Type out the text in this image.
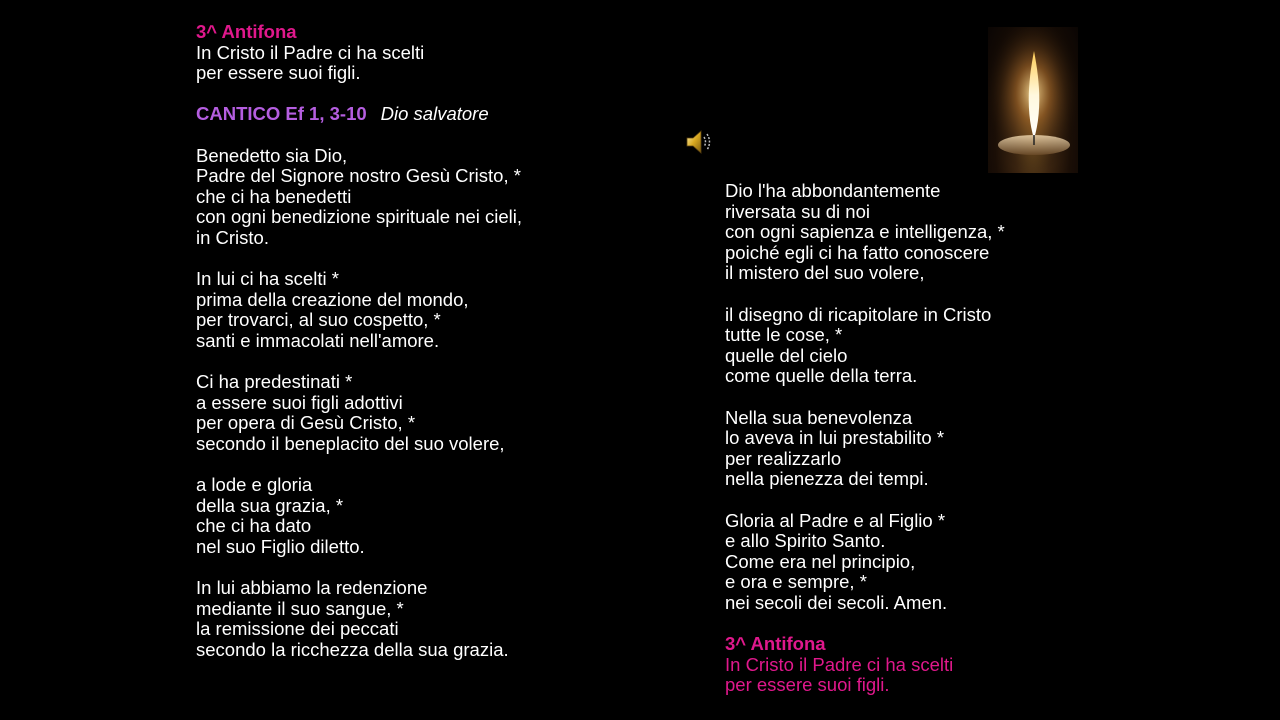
3^ Antifona
In Cristo il Padre ci ha scelti
per essere suoi figli.
CANTICO Ef 1, 3-10 Dio salvatore
Benedetto sia Dio,
Padre del Signore nostro Gesù Cristo, *
che ci ha benedetti
con ogni benedizione spirituale nei cieli,
in Cristo.
In lui ci ha scelti *
prima della creazione del mondo,
per trovarci, al suo cospetto, *
santi e immacolati nell'amore.
Ci ha predestinati *
a essere suoi figli adottivi
per opera di Gesù Cristo, *
secondo il beneplacito del suo volere,
a lode e gloria
della sua grazia, *
che ci ha dato
nel suo Figlio diletto.
In lui abbiamo la redenzione
mediante il suo sangue, *
la remissione dei peccati
secondo la ricchezza della sua grazia.
Dio l'ha abbondantemente
riversata su di noi
con ogni sapienza e intelligenza, *
poiché egli ci ha fatto conoscere
il mistero del suo volere,
il disegno di ricapitolare in Cristo
tutte le cose, *
quelle del cielo
come quelle della terra.
Nella sua benevolenza
lo aveva in lui prestabilito *
per realizzarlo
nella pienezza dei tempi.
Gloria al Padre e al Figlio *
e allo Spirito Santo.
Come era nel principio,
e ora e sempre, *
nei secoli dei secoli. Amen.
3^ Antifona
In Cristo il Padre ci ha scelti
per essere suoi figli.
